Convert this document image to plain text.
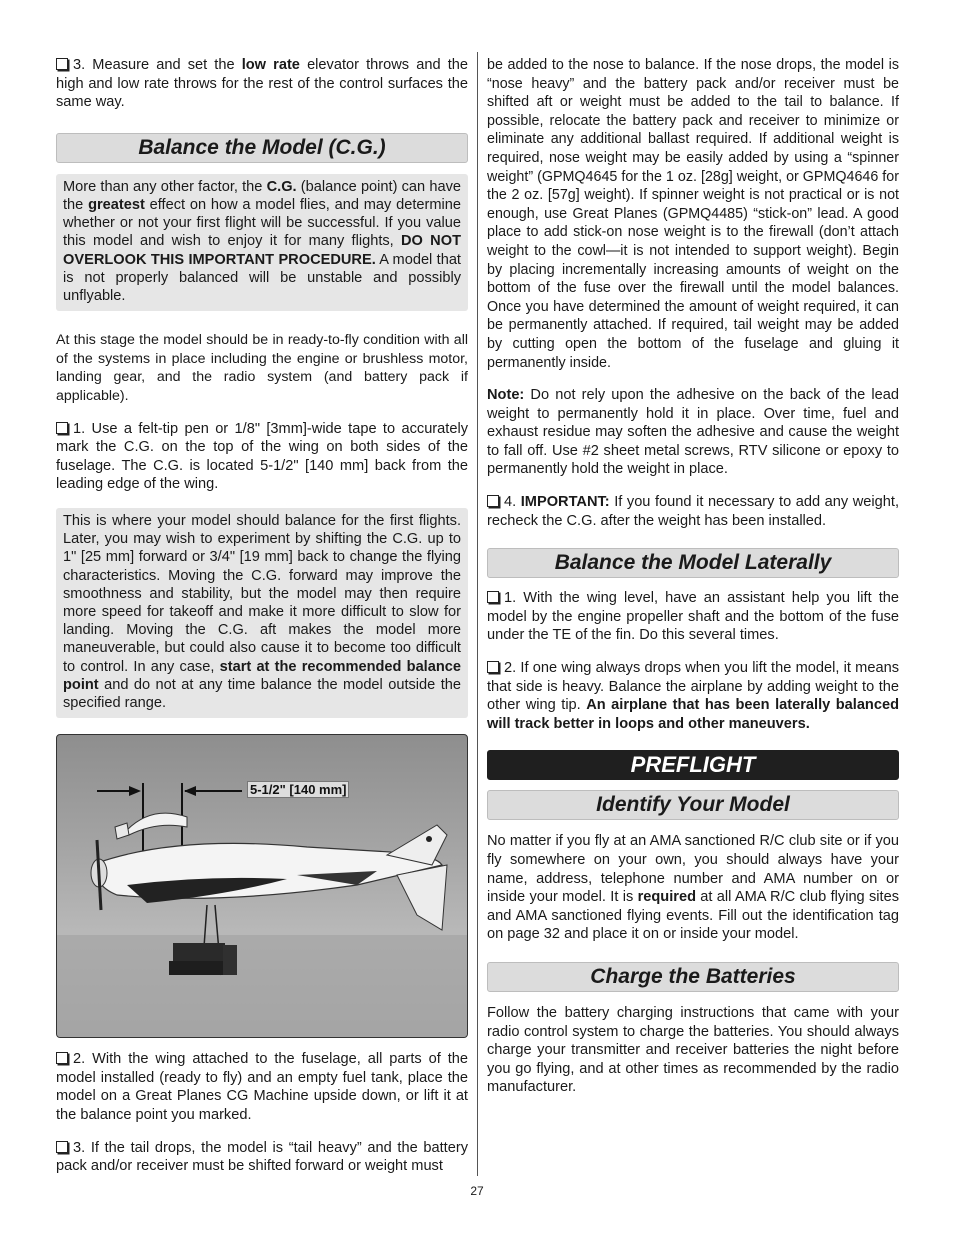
3. Measure and set the low rate elevator throws and the high and low rate throws for the rest of the control surfaces the same way.

Balance the Model (C.G.)

More than any other factor, the C.G. (balance point) can have the greatest effect on how a model flies, and may determine whether or not your first flight will be successful. If you value this model and wish to enjoy it for many flights, DO NOT OVERLOOK THIS IMPORTANT PROCEDURE. A model that is not properly balanced will be unstable and possibly unflyable.

At this stage the model should be in ready-to-fly condition with all of the systems in place including the engine or brushless motor, landing gear, and the radio system (and battery pack if applicable).

1. Use a felt-tip pen or 1/8" [3mm]-wide tape to accurately mark the C.G. on the top of the wing on both sides of the fuselage. The C.G. is located 5-1/2" [140 mm] back from the leading edge of the wing.

This is where your model should balance for the first flights. Later, you may wish to experiment by shifting the C.G. up to 1" [25 mm] forward or 3/4" [19 mm] back to change the flying characteristics. Moving the C.G. forward may improve the smoothness and stability, but the model may then require more speed for takeoff and make it more difficult to slow for landing. Moving the C.G. aft makes the model more maneuverable, but could also cause it to become too difficult to control. In any case, start at the recommended balance point and do not at any time balance the model outside the specified range.

5-1/2" [140 mm]

2. With the wing attached to the fuselage, all parts of the model installed (ready to fly) and an empty fuel tank, place the model on a Great Planes CG Machine upside down, or lift it at the balance point you marked.

3. If the tail drops, the model is “tail heavy” and the battery pack and/or receiver must be shifted forward or weight must

be added to the nose to balance. If the nose drops, the model is “nose heavy” and the battery pack and/or receiver must be shifted aft or weight must be added to the tail to balance. If possible, relocate the battery pack and receiver to minimize or eliminate any additional ballast required. If additional weight is required, nose weight may be easily added by using a “spinner weight” (GPMQ4645 for the 1 oz. [28g] weight, or GPMQ4646 for the 2 oz. [57g] weight). If spinner weight is not practical or is not enough, use Great Planes (GPMQ4485) “stick-on” lead. A good place to add stick-on nose weight is to the firewall (don’t attach weight to the cowl—it is not intended to support weight). Begin by placing incrementally increasing amounts of weight on the bottom of the fuse over the firewall until the model balances. Once you have determined the amount of weight required, it can be permanently attached. If required, tail weight may be added by cutting open the bottom of the fuselage and gluing it permanently inside.

Note: Do not rely upon the adhesive on the back of the lead weight to permanently hold it in place. Over time, fuel and exhaust residue may soften the adhesive and cause the weight to fall off. Use #2 sheet metal screws, RTV silicone or epoxy to permanently hold the weight in place.

4. IMPORTANT: If you found it necessary to add any weight, recheck the C.G. after the weight has been installed.

Balance the Model Laterally

1. With the wing level, have an assistant help you lift the model by the engine propeller shaft and the bottom of the fuse under the TE of the fin. Do this several times.

2. If one wing always drops when you lift the model, it means that side is heavy. Balance the airplane by adding weight to the other wing tip. An airplane that has been laterally balanced will track better in loops and other maneuvers.

PREFLIGHT
Identify Your Model

No matter if you fly at an AMA sanctioned R/C club site or if you fly somewhere on your own, you should always have your name, address, telephone number and AMA number on or inside your model. It is required at all AMA R/C club flying sites and AMA sanctioned flying events. Fill out the identification tag on page 32 and place it on or inside your model.

Charge the Batteries

Follow the battery charging instructions that came with your radio control system to charge the batteries. You should always charge your transmitter and receiver batteries the night before you go flying, and at other times as recommended by the radio manufacturer.

27
